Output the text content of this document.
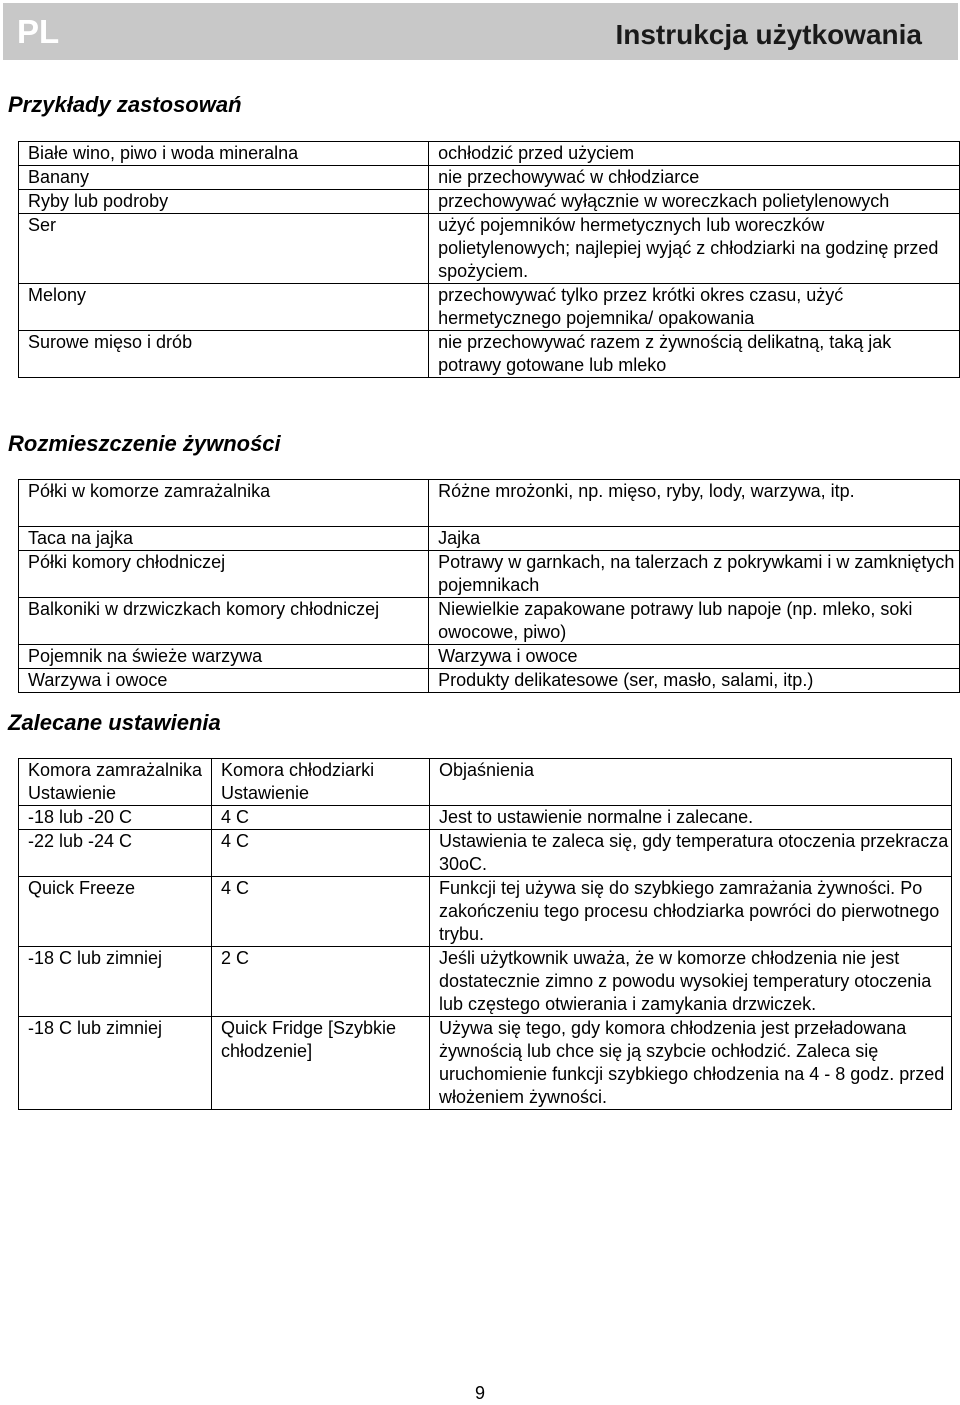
PL	Instrukcja użytkowania
Przykłady zastosowań
Białe wino, piwo i woda mineralna	ochłodzić przed użyciem
Banany	nie przechowywać w chłodziarce
Ryby lub podroby	przechowywać wyłącznie w woreczkach polietylenowych
Ser	użyć pojemników hermetycznych lub woreczków polietylenowych; najlepiej wyjąć z chłodziarki na godzinę przed spożyciem.
Melony	przechowywać tylko przez krótki okres czasu, użyć hermetycznego pojemnika/ opakowania
Surowe mięso i drób	nie przechowywać razem z żywnością delikatną, taką jak potrawy gotowane lub mleko
Rozmieszczenie żywności
Półki w komorze zamrażalnika	Różne mrożonki, np. mięso, ryby, lody, warzywa, itp.
Taca na jajka	Jajka
Półki komory chłodniczej	Potrawy w garnkach, na talerzach z pokrywkami i w zamkniętych pojemnikach
Balkoniki w drzwiczkach komory chłodniczej	Niewielkie zapakowane potrawy lub napoje (np. mleko, soki owocowe, piwo)
Pojemnik na świeże warzywa	Warzywa i owoce
Warzywa i owoce	Produkty delikatesowe (ser, masło, salami, itp.)
Zalecane ustawienia
Komora zamrażalnika Ustawienie	Komora chłodziarki Ustawienie	Objaśnienia
-18 lub -20 C	4 C	Jest to ustawienie normalne i zalecane.
-22 lub -24 C	4 C	Ustawienia te zaleca się, gdy temperatura otoczenia przekracza 30oC.
Quick Freeze	4 C	Funkcji tej używa się do szybkiego zamrażania żywności. Po zakończeniu tego procesu chłodziarka powróci do pierwotnego trybu.
-18 C lub zimniej	2 C	Jeśli użytkownik uważa, że w komorze chłodzenia nie jest dostatecznie zimno z powodu wysokiej temperatury otoczenia lub częstego otwierania i zamykania drzwiczek.
-18 C lub zimniej	Quick Fridge [Szybkie chłodzenie]	Używa się tego, gdy komora chłodzenia jest przeładowana żywnością lub chce się ją szybcie ochłodzić. Zaleca się uruchomienie funkcji szybkiego chłodzenia na 4 - 8 godz. przed włożeniem żywności.
9
